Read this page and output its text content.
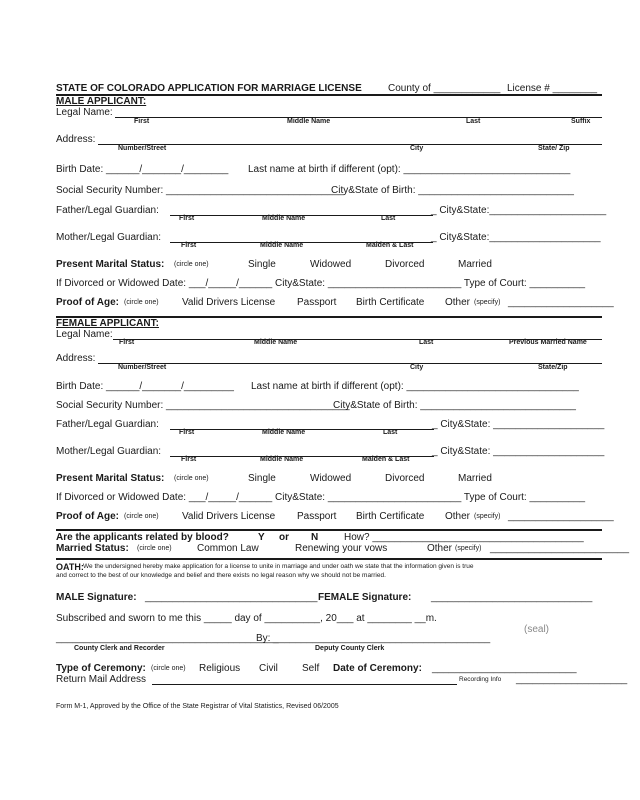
STATE OF COLORADO APPLICATION FOR MARRIAGE LICENSE	County of ____________ License # ________
MALE APPLICANT:
Legal Name:
First	Middle Name	Last	Suffix
Address:
Number/Street	City	State/ Zip
Birth Date: ______/_______/________ Last name at birth if different (opt): ______________________________
Social Security Number: ________________________________
City&State of Birth: ____________________________
Father/Legal Guardian:	_ City&State:_____________________
First	Middle Name	Last
Mother/Legal Guardian:	_ City&State:____________________
First	Middle Name	Maiden & Last
Present Marital Status: (circle one)	Single	Widowed	Divorced	Married
If Divorced or Widowed Date: ___/_____/______ City&State: ________________________ Type of Court: __________
Proof of Age: (circle one) Valid Drivers License Passport Birth Certificate Other (specify) ___________________
FEMALE APPLICANT:
Legal Name:
First	Middle Name	Last	Previous Married Name
Address:
Number/Street	City	State/Zip
Birth Date: ______/_______/_________ Last name at birth if different (opt): _______________________________
Social Security Number: _________________________________
City&State of Birth: ____________________________
Father/Legal Guardian:	_ City&State: ____________________
First	Middle Name	Last
Mother/Legal Guardian:	_ City&State: ____________________
First	Middle Name	Maiden & Last
Present Marital Status: (circle one)	Single	Widowed	Divorced	Married
If Divorced or Widowed Date: ___/_____/______ City&State: ________________________ Type of Court: __________
Proof of Age: (circle one) Valid Drivers License Passport Birth Certificate Other (specify) ___________________
Are the applicants related by blood?	Y or N	How? ______________________________________
Married Status: (circle one)	Common Law	Renewing your vows	Other (specify) _________________________
OATH: We the undersigned hereby make application for a license to unite in marriage and under oath we state that the information given is true
and correct to the best of our knowledge and belief and there exists no legal reason why we should not be married.
MALE Signature: _______________________________ FEMALE Signature: _____________________________
Subscribed and sworn to me this _____ day of __________, 20___ at ________ __m.
(seal)
________________________________________
By: _______________________________________
County Clerk and Recorder	Deputy County Clerk
Type of Ceremony: (circle one) Religious Civil Self Date of Ceremony: __________________________
Return Mail Address	Recording Info ____________________
Form M-1, Approved by the Office of the State Registrar of Vital Statistics, Revised 06/2005
